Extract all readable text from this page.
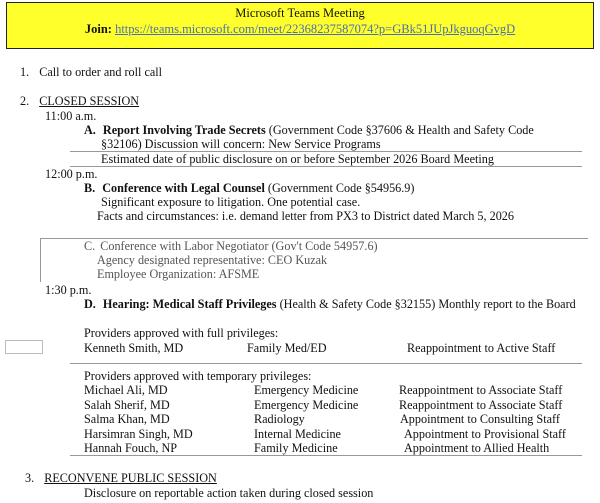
Microsoft Teams Meeting
Join: https://teams.microsoft.com/meet/22368237587074?p=GBk51JUpJkguoqGvgD
1. Call to order and roll call
2. CLOSED SESSION
11:00 a.m.
A. Report Involving Trade Secrets (Government Code §37606 & Health and Safety Code
§32106) Discussion will concern: New Service Programs
Estimated date of public disclosure on or before September 2026 Board Meeting
12:00 p.m.
B. Conference with Legal Counsel (Government Code §54956.9)
Significant exposure to litigation. One potential case.
Facts and circumstances: i.e. demand letter from PX3 to District dated March 5, 2026
C. Conference with Labor Negotiator (Gov't Code 54957.6)
Agency designated representative: CEO Kuzak
Employee Organization: AFSME
1:30 p.m.
D. Hearing: Medical Staff Privileges (Health & Safety Code §32155) Monthly report to the Board
Providers approved with full privileges:
Kenneth Smith, MD	Family Med/ED	Reappointment to Active Staff
Providers approved with temporary privileges:
Michael Ali, MD	Emergency Medicine	Reappointment to Associate Staff
Salah Sherif, MD	Emergency Medicine	Reappointment to Associate Staff
Salma Khan, MD	Radiology	Appointment to Consulting Staff
Harsimran Singh, MD	Internal Medicine	Appointment to Provisional Staff
Hannah Fouch, NP	Family Medicine	Appointment to Allied Health
3. RECONVENE PUBLIC SESSION
Disclosure on reportable action taken during closed session
